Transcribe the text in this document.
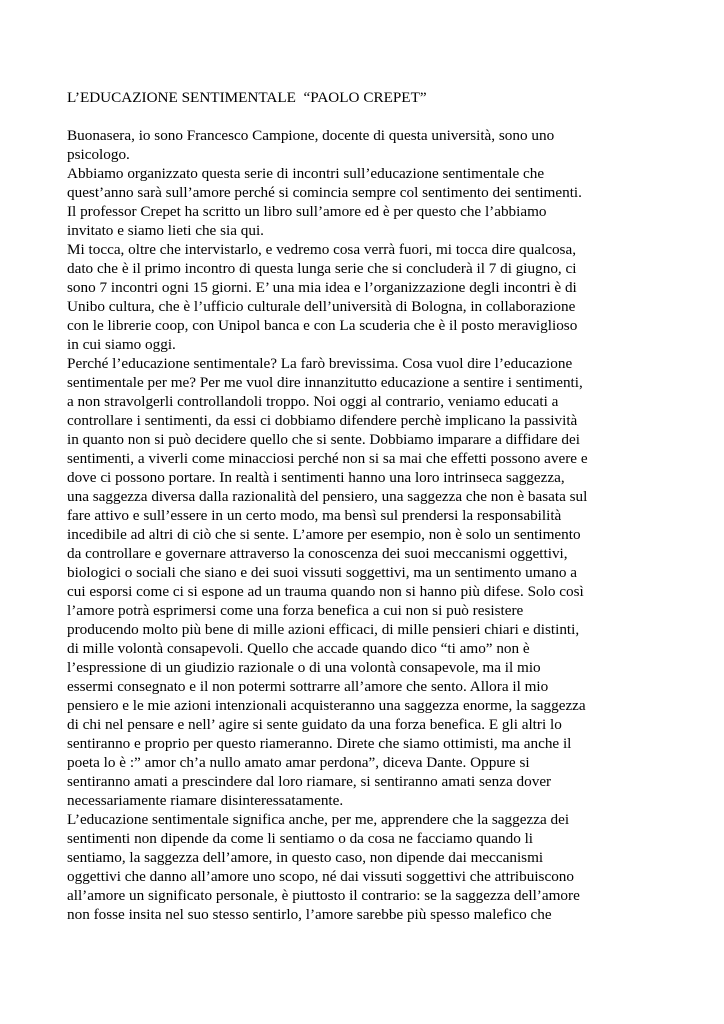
L’EDUCAZIONE SENTIMENTALE  “PAOLO CREPET”

Buonasera, io sono Francesco Campione, docente di questa università, sono uno
psicologo.

Abbiamo organizzato questa serie di incontri sull’educazione sentimentale che
quest’anno sarà sull’amore perché si comincia sempre col sentimento dei sentimenti.
Il professor Crepet ha scritto un libro sull’amore ed è per questo che l’abbiamo
invitato e siamo lieti che sia qui.

Mi tocca, oltre che intervistarlo, e vedremo cosa verrà fuori, mi tocca dire qualcosa,
dato che è il primo incontro di questa lunga serie che si concluderà il 7 di giugno, ci
sono 7 incontri ogni 15 giorni. E’ una mia idea e l’organizzazione degli incontri è di
Unibo cultura, che è l’ufficio culturale dell’università di Bologna, in collaborazione
con le librerie coop, con Unipol banca e con La scuderia che è il posto meraviglioso
in cui siamo oggi.

Perché l’educazione sentimentale? La farò brevissima. Cosa vuol dire l’educazione
sentimentale per me? Per me vuol dire innanzitutto educazione a sentire i sentimenti,
a non stravolgerli controllandoli troppo. Noi oggi al contrario, veniamo educati a
controllare i sentimenti, da essi ci dobbiamo difendere perchè implicano la passività
in quanto non si può decidere quello che si sente. Dobbiamo imparare a diffidare dei
sentimenti, a viverli come minacciosi perché non si sa mai che effetti possono avere e
dove ci possono portare. In realtà i sentimenti hanno una loro intrinseca saggezza,
una saggezza diversa dalla razionalità del pensiero, una saggezza che non è basata sul
fare attivo e sull’essere in un certo modo, ma bensì sul prendersi la responsabilità
incedibile ad altri di ciò che si sente. L’amore per esempio, non è solo un sentimento
da controllare e governare attraverso la conoscenza dei suoi meccanismi oggettivi,
biologici o sociali che siano e dei suoi vissuti soggettivi, ma un sentimento umano a
cui esporsi come ci si espone ad un trauma quando non si hanno più difese. Solo così
l’amore potrà esprimersi come una forza benefica a cui non si può resistere
producendo molto più bene di mille azioni efficaci, di mille pensieri chiari e distinti,
di mille volontà consapevoli. Quello che accade quando dico “ti amo” non è
l’espressione di un giudizio razionale o di una volontà consapevole, ma il mio
essermi consegnato e il non potermi sottrarre all’amore che sento. Allora il mio
pensiero e le mie azioni intenzionali acquisteranno una saggezza enorme, la saggezza
di chi nel pensare e nell’ agire si sente guidato da una forza benefica. E gli altri lo
sentiranno e proprio per questo riameranno. Direte che siamo ottimisti, ma anche il
poeta lo è :” amor ch’a nullo amato amar perdona”, diceva Dante. Oppure si
sentiranno amati a prescindere dal loro riamare, si sentiranno amati senza dover
necessariamente riamare disinteressatamente.

L’educazione sentimentale significa anche, per me, apprendere che la saggezza dei
sentimenti non dipende da come li sentiamo o da cosa ne facciamo quando li
sentiamo, la saggezza dell’amore, in questo caso, non dipende dai meccanismi
oggettivi che danno all’amore uno scopo, né dai vissuti soggettivi che attribuiscono
all’amore un significato personale, è piuttosto il contrario: se la saggezza dell’amore
non fosse insita nel suo stesso sentirlo, l’amore sarebbe più spesso malefico che
